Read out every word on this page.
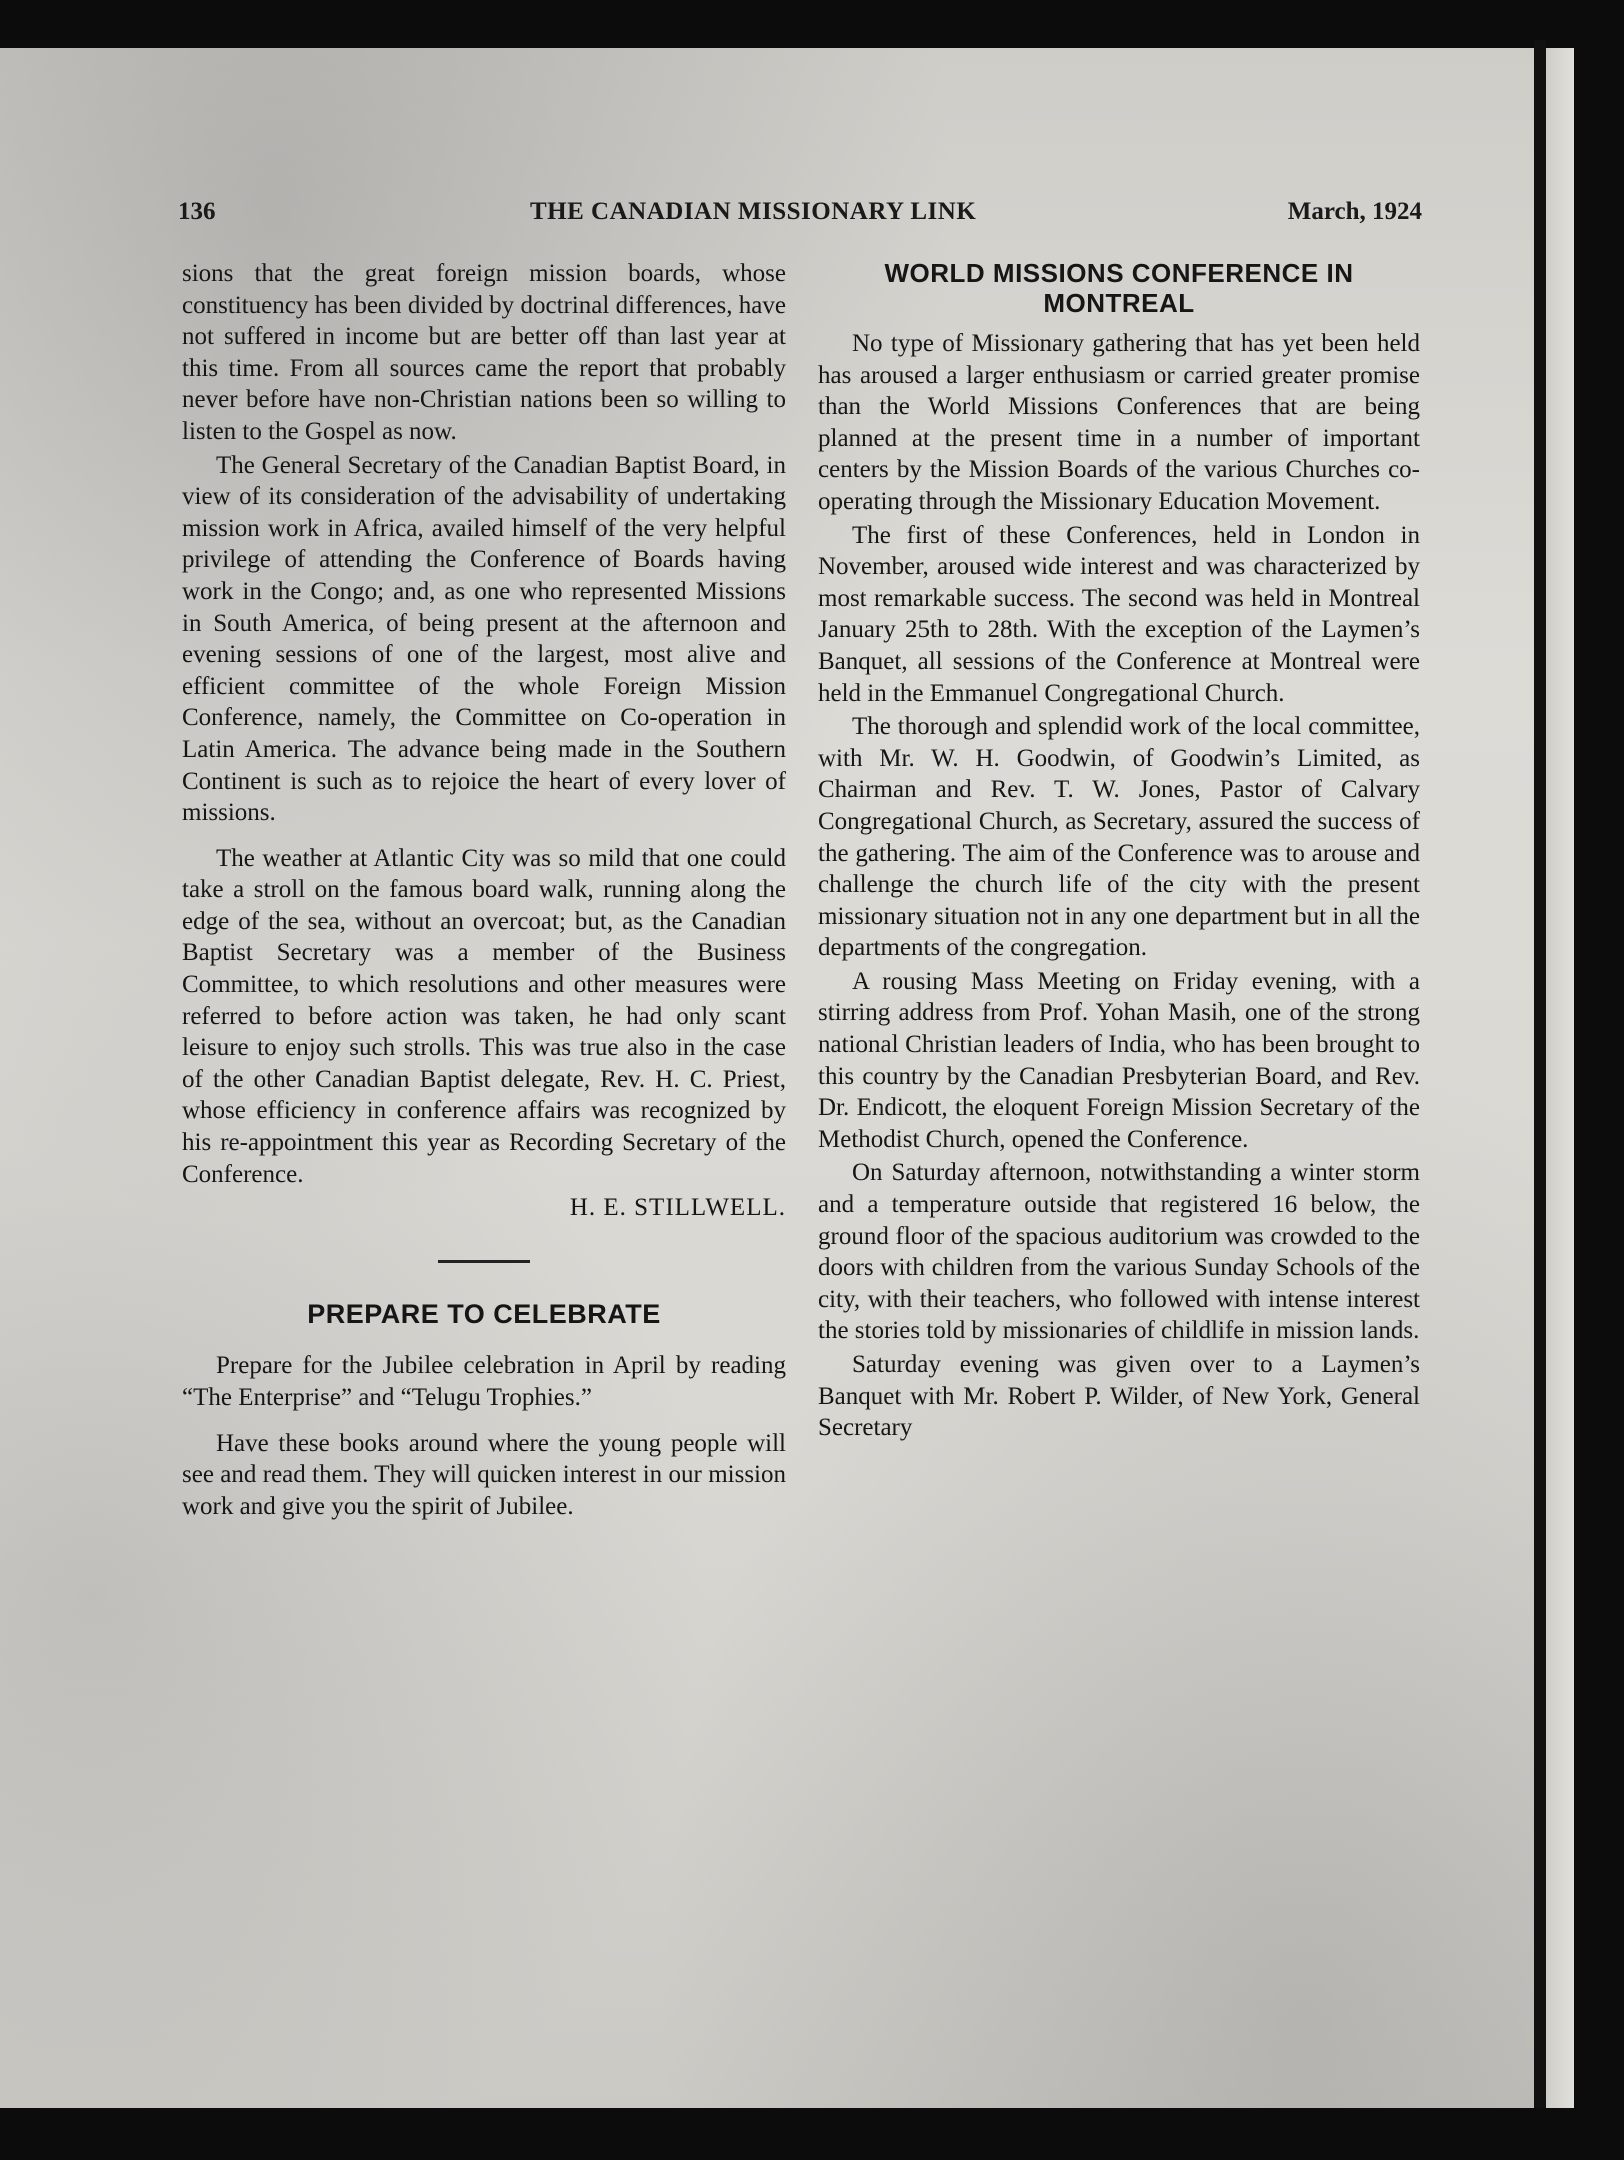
136	THE CANADIAN MISSIONARY LINK	March, 1924

sions that the great foreign mission boards, whose constituency has been divided by doctrinal differences, have not suffered in income but are better off than last year at this time. From all sources came the report that probably never before have non-Christian nations been so willing to listen to the Gospel as now.

The General Secretary of the Canadian Baptist Board, in view of its consideration of the advisability of undertaking mission work in Africa, availed himself of the very helpful privilege of attending the Conference of Boards having work in the Congo; and, as one who represented Missions in South America, of being present at the afternoon and evening sessions of one of the largest, most alive and efficient committee of the whole Foreign Mission Conference, namely, the Committee on Co-operation in Latin America. The advance being made in the Southern Continent is such as to rejoice the heart of every lover of missions.

The weather at Atlantic City was so mild that one could take a stroll on the famous board walk, running along the edge of the sea, without an overcoat; but, as the Canadian Baptist Secretary was a member of the Business Committee, to which resolutions and other measures were referred to before action was taken, he had only scant leisure to enjoy such strolls. This was true also in the case of the other Canadian Baptist delegate, Rev. H. C. Priest, whose efficiency in conference affairs was recognized by his re-appointment this year as Recording Secretary of the Conference.

H. E. STILLWELL.

PREPARE TO CELEBRATE

Prepare for the Jubilee celebration in April by reading “The Enterprise” and “Telugu Trophies.”

Have these books around where the young people will see and read them. They will quicken interest in our mission work and give you the spirit of Jubilee.

WORLD MISSIONS CONFERENCE IN MONTREAL

No type of Missionary gathering that has yet been held has aroused a larger enthusiasm or carried greater promise than the World Missions Conferences that are being planned at the present time in a number of important centers by the Mission Boards of the various Churches co-operating through the Missionary Education Movement.

The first of these Conferences, held in London in November, aroused wide interest and was characterized by most remarkable success. The second was held in Montreal January 25th to 28th. With the exception of the Laymen’s Banquet, all sessions of the Conference at Montreal were held in the Emmanuel Congregational Church.

The thorough and splendid work of the local committee, with Mr. W. H. Goodwin, of Goodwin’s Limited, as Chairman and Rev. T. W. Jones, Pastor of Calvary Congregational Church, as Secretary, assured the success of the gathering. The aim of the Conference was to arouse and challenge the church life of the city with the present missionary situation not in any one department but in all the departments of the congregation.

A rousing Mass Meeting on Friday evening, with a stirring address from Prof. Yohan Masih, one of the strong national Christian leaders of India, who has been brought to this country by the Canadian Presbyterian Board, and Rev. Dr. Endicott, the eloquent Foreign Mission Secretary of the Methodist Church, opened the Conference.

On Saturday afternoon, notwithstanding a winter storm and a temperature outside that registered 16 below, the ground floor of the spacious auditorium was crowded to the doors with children from the various Sunday Schools of the city, with their teachers, who followed with intense interest the stories told by missionaries of childlife in mission lands.

Saturday evening was given over to a Laymen’s Banquet with Mr. Robert P. Wilder, of New York, General Secretary
